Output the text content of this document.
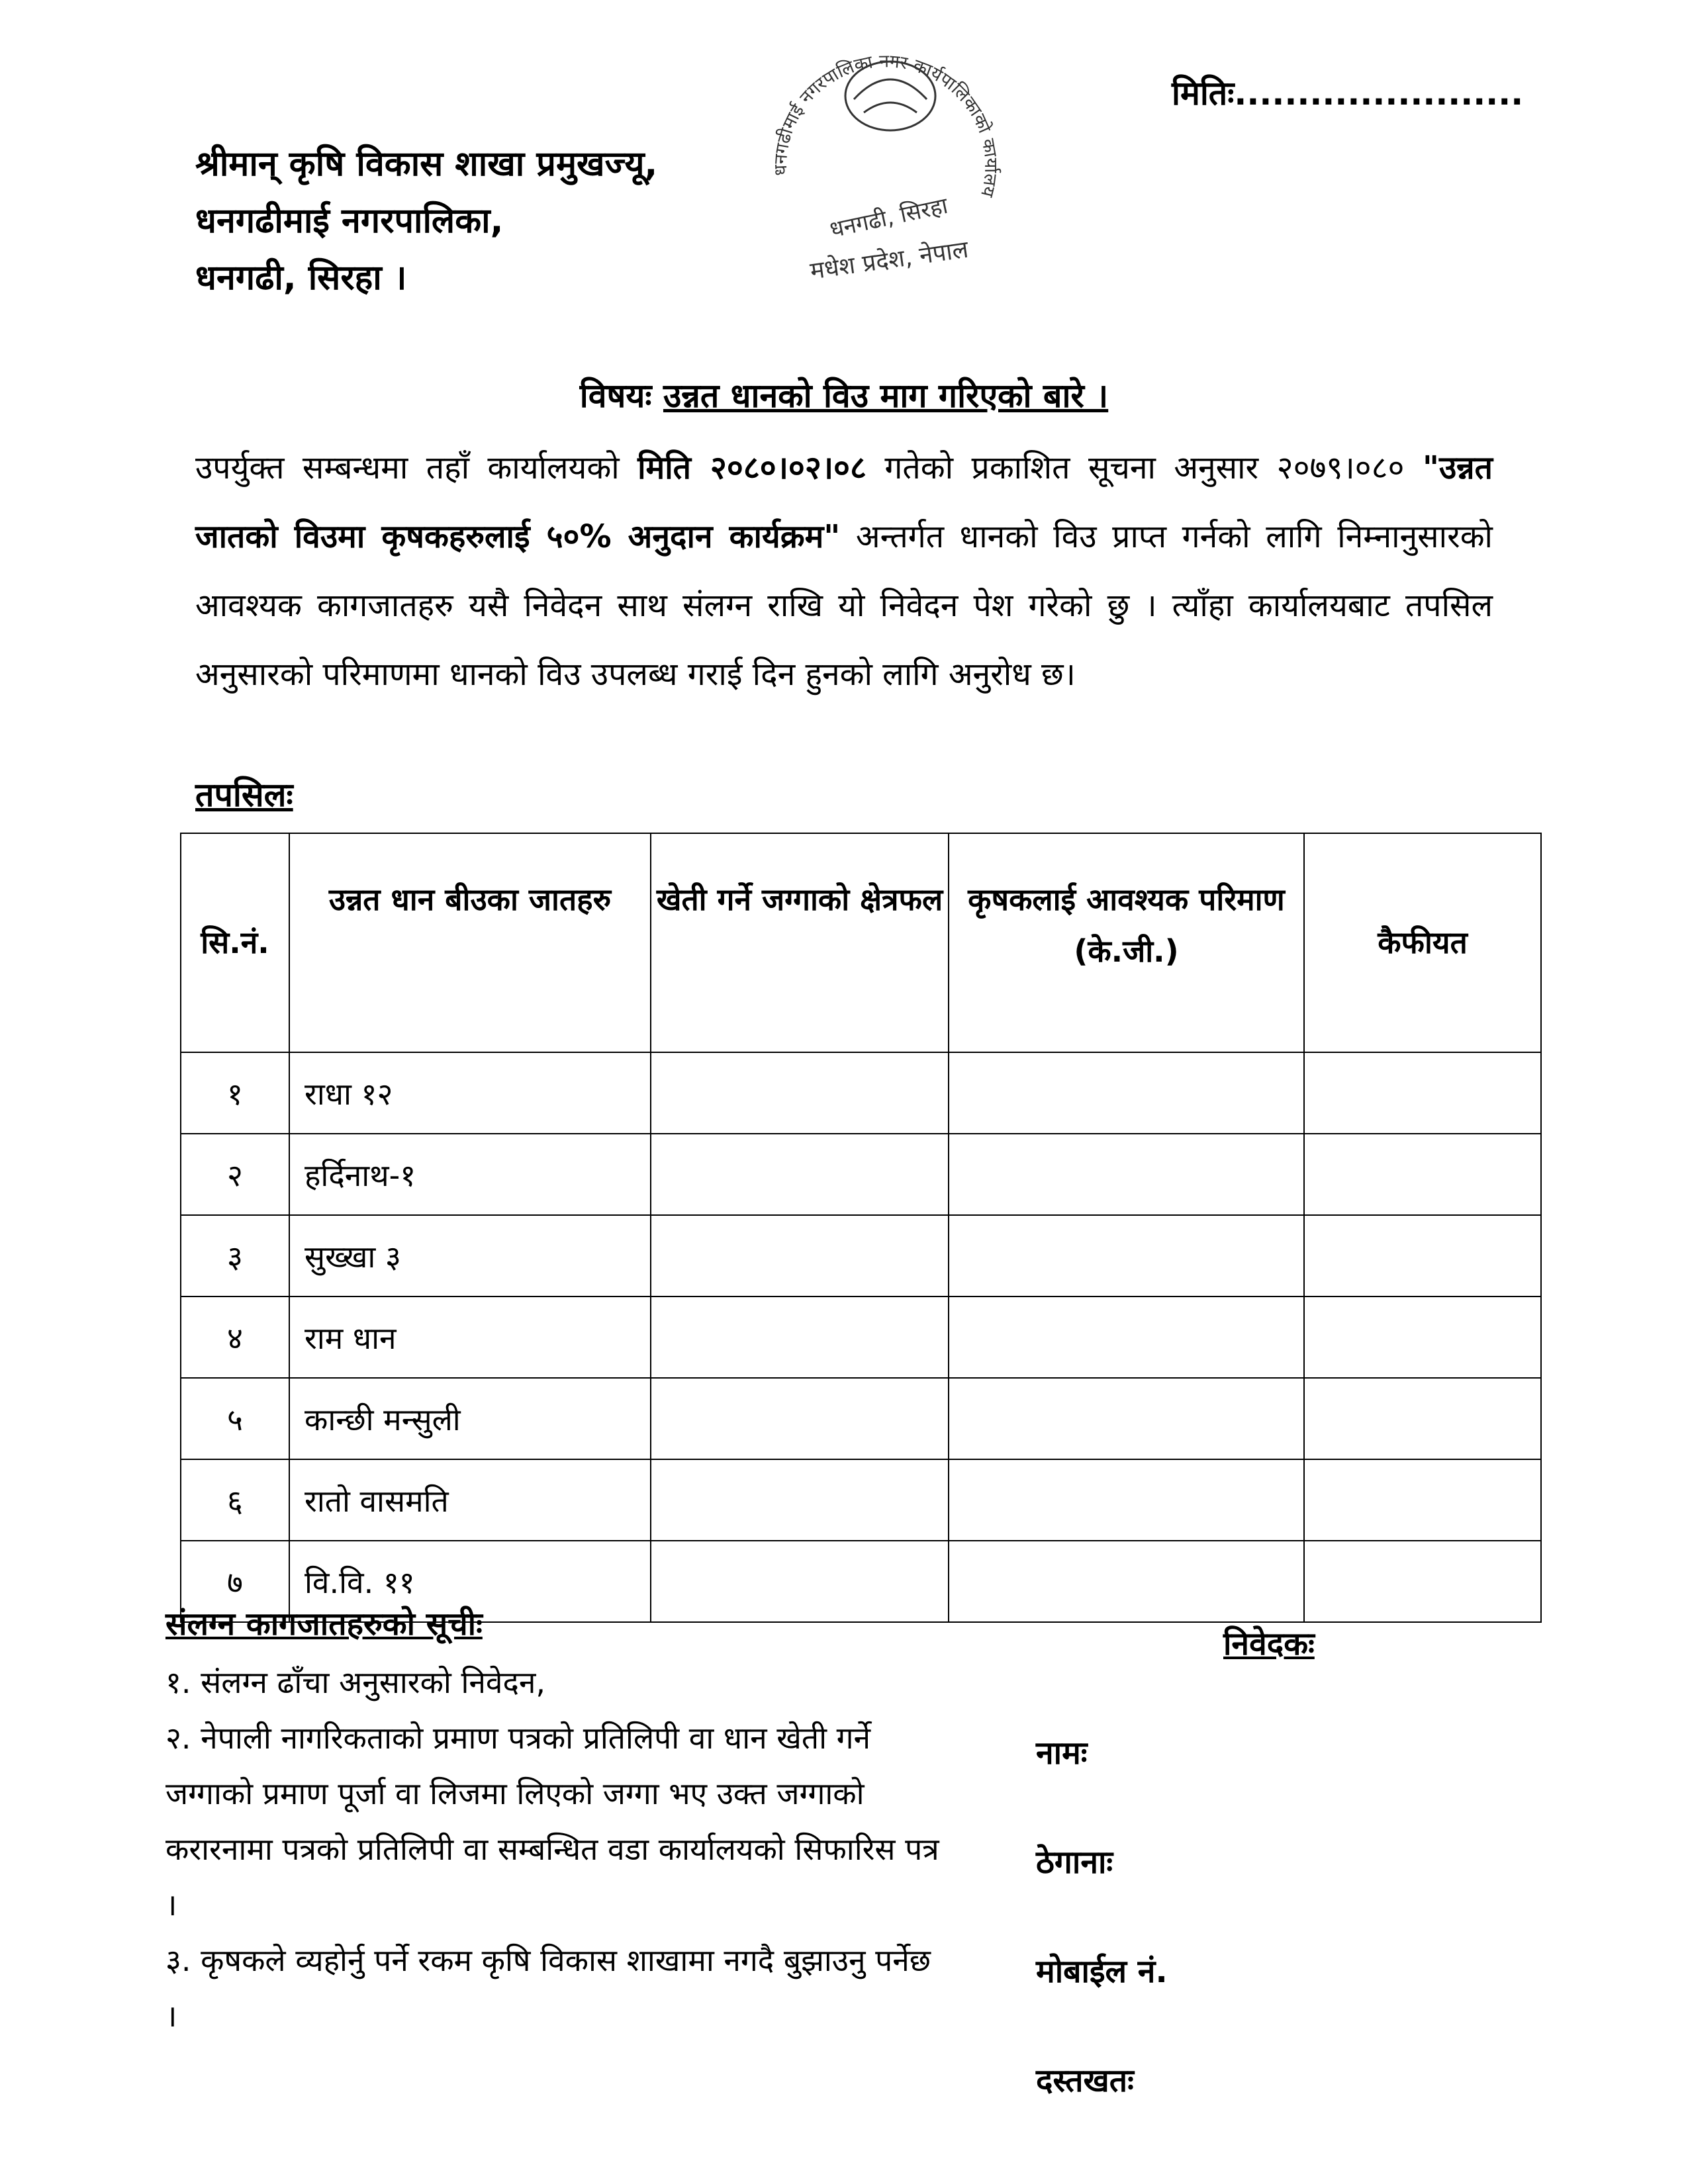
मितिः.......................
श्रीमान् कृषि विकास शाखा प्रमुखज्यू,
धनगढीमाई नगरपालिका,
धनगढी, सिरहा ।
धनगढीमाई नगरपालिका नगर कार्यपालिकाको कार्यालय
धनगढी, सिरहा
मधेश प्रदेश, नेपाल
विषयः उन्नत धानको विउ माग गरिएको बारे ।
उपर्युक्त सम्बन्धमा तहाँ कार्यालयको मिति २०८०।०२।०८ गतेको प्रकाशित सूचना अनुसार २०७९।०८० "उन्नत जातको विउमा कृषकहरुलाई ५०% अनुदान कार्यक्रम" अन्तर्गत धानको विउ प्राप्त गर्नको लागि निम्नानुसारको आवश्यक कागजातहरु यसै निवेदन साथ संलग्न राखि यो निवेदन पेश गरेको छु । त्याँहा कार्यालयबाट तपसिल अनुसारको परिमाणमा धानको विउ उपलब्ध गराई दिन हुनको लागि अनुरोध छ।
तपसिलः
सि.नं.	उन्नत धान बीउका जातहरु	खेती गर्ने जग्गाको क्षेत्रफल	कृषकलाई आवश्यक परिमाण (के.जी.)	कैफीयत
१	राधा १२			
२	हर्दिनाथ-१			
३	सुख्खा ३			
४	राम धान			
५	कान्छी मन्सुली			
६	रातो वासमति			
७	वि.वि. ११			
संलग्न कागजातहरुको सूचीः
१. संलग्न ढाँचा अनुसारको निवेदन,
२. नेपाली नागरिकताको प्रमाण पत्रको प्रतिलिपी वा धान खेती गर्ने जग्गाको प्रमाण पूर्जा वा लिजमा लिएको जग्गा भए उक्त जग्गाको करारनामा पत्रको प्रतिलिपी वा सम्बन्धित वडा कार्यालयको सिफारिस पत्र ।
३. कृषकले व्यहोर्नु पर्ने रकम कृषि विकास शाखामा नगदै बुझाउनु पर्नेछ ।
निवेदकः
नामः
ठेगानाः
मोबाईल नं.
दस्तखतः
